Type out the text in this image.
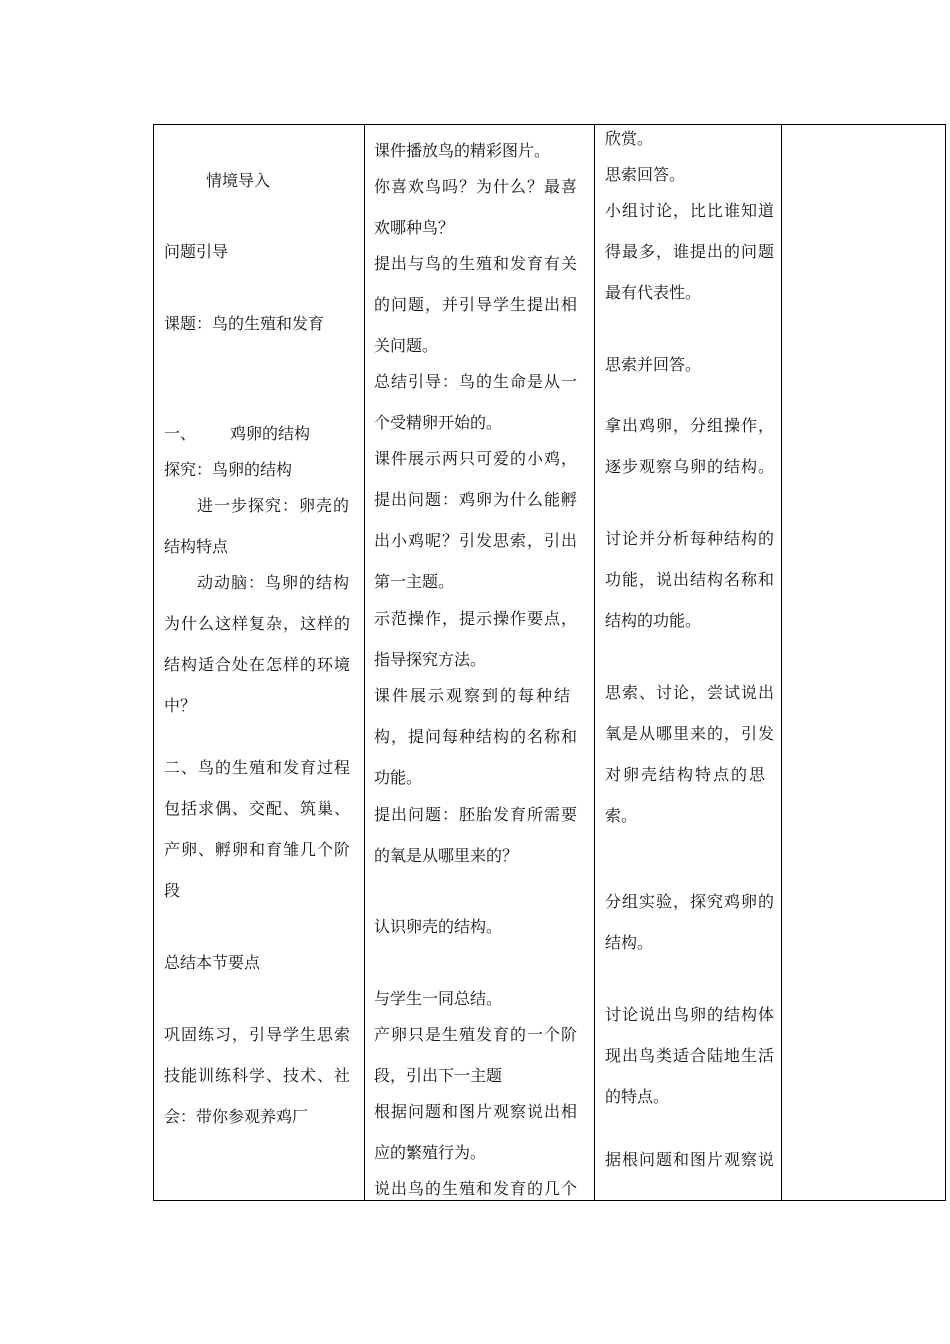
情境导入
问题引导
课题：鸟的生殖和发育
一、 鸡卵的结构
探究：鸟卵的结构
进一步探究：卵壳的
结构特点
动动脑：鸟卵的结构
为什么这样复杂，这样的
结构适合处在怎样的环境
中？
二、鸟的生殖和发育过程
包括求偶、交配、筑巢、
产卵、孵卵和育雏几个阶
段
总结本节要点
巩固练习，引导学生思索
技能训练科学、技术、社
会：带你参观养鸡厂
课件播放鸟的精彩图片。
你喜欢鸟吗？为什么？最喜
欢哪种鸟？
提出与鸟的生殖和发育有关
的问题，并引导学生提出相
关问题。
总结引导：鸟的生命是从一
个受精卵开始的。
课件展示两只可爱的小鸡，
提出问题：鸡卵为什么能孵
出小鸡呢？引发思索，引出
第一主题。
示范操作，提示操作要点，
指导探究方法。
课件展示观察到的每种结
构，提问每种结构的名称和
功能。
提出问题：胚胎发育所需要
的氧是从哪里来的？
认识卵壳的结构。
与学生一同总结。
产卵只是生殖发育的一个阶
段，引出下一主题
根据问题和图片观察说出相
应的繁殖行为。
说出鸟的生殖和发育的几个
欣赏。
思索回答。
小组讨论，比比谁知道
得最多，谁提出的问题
最有代表性。
思索并回答。
拿出鸡卵，分组操作，
逐步观察乌卵的结构。
讨论并分析每种结构的
功能，说出结构名称和
结构的功能。
思索、讨论，尝试说出
氧是从哪里来的，引发
对卵壳结构特点的思
索。
分组实验，探究鸡卵的
结构。
讨论说出鸟卵的结构体
现出鸟类适合陆地生活
的特点。
据根问题和图片观察说
